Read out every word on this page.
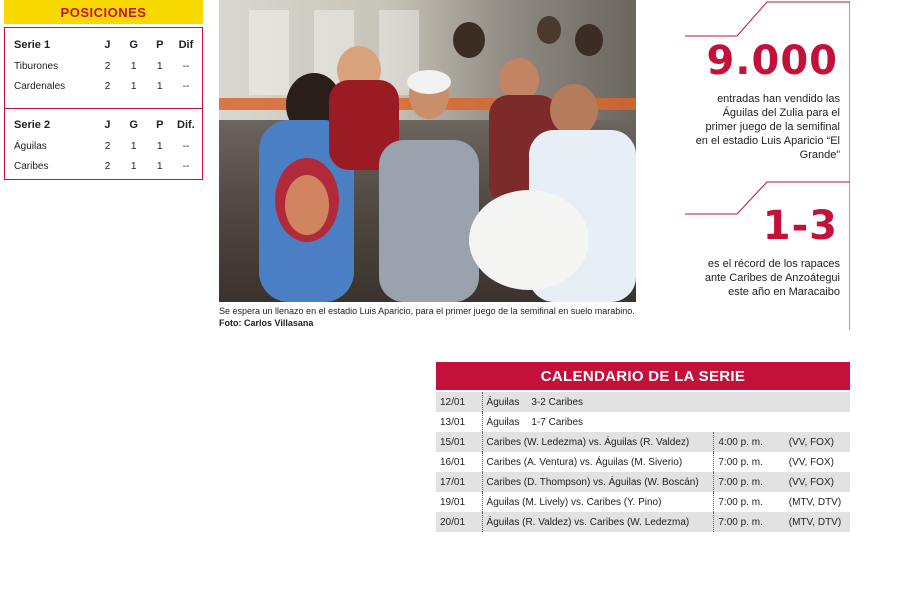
POSICIONES
Serie 1	J	G	P	Dif
Tiburones	2	1	1	--
Cardenales	2	1	1	--
Serie 2	J	G	P	Dif.
Águilas	2	1	1	--
Caribes	2	1	1	--
Se espera un llenazo en el estadio Luis Aparicio, para el primer juego de la semifinal en suelo marabino. Foto: Carlos Villasana
9.000
entradas han vendido las Águilas del Zulia para el primer juego de la semifinal en el estadio Luis Aparicio “El Grande”
1-3
es el récord de los rapaces ante Caribes de Anzoátegui este año en Maracaibo
CALENDARIO DE LA SERIE
12/01	Águilas 3-2 Caribes		
13/01	Águilas 1-7 Caribes		
15/01	Caribes (W. Ledezma) vs. Águilas (R. Valdez)	4:00 p. m.	(VV, FOX)
16/01	Caribes (A. Ventura) vs. Águilas (M. Siverio)	7:00 p. m.	(VV, FOX)
17/01	Caribes (D. Thompson) vs. Águilas (W. Boscán)	7:00 p. m.	(VV, FOX)
19/01	Águilas (M. Lively) vs. Caribes (Y. Pino)	7:00 p. m.	(MTV, DTV)
20/01	Águilas (R. Valdez) vs. Caribes (W. Ledezma)	7:00 p. m.	(MTV, DTV)
